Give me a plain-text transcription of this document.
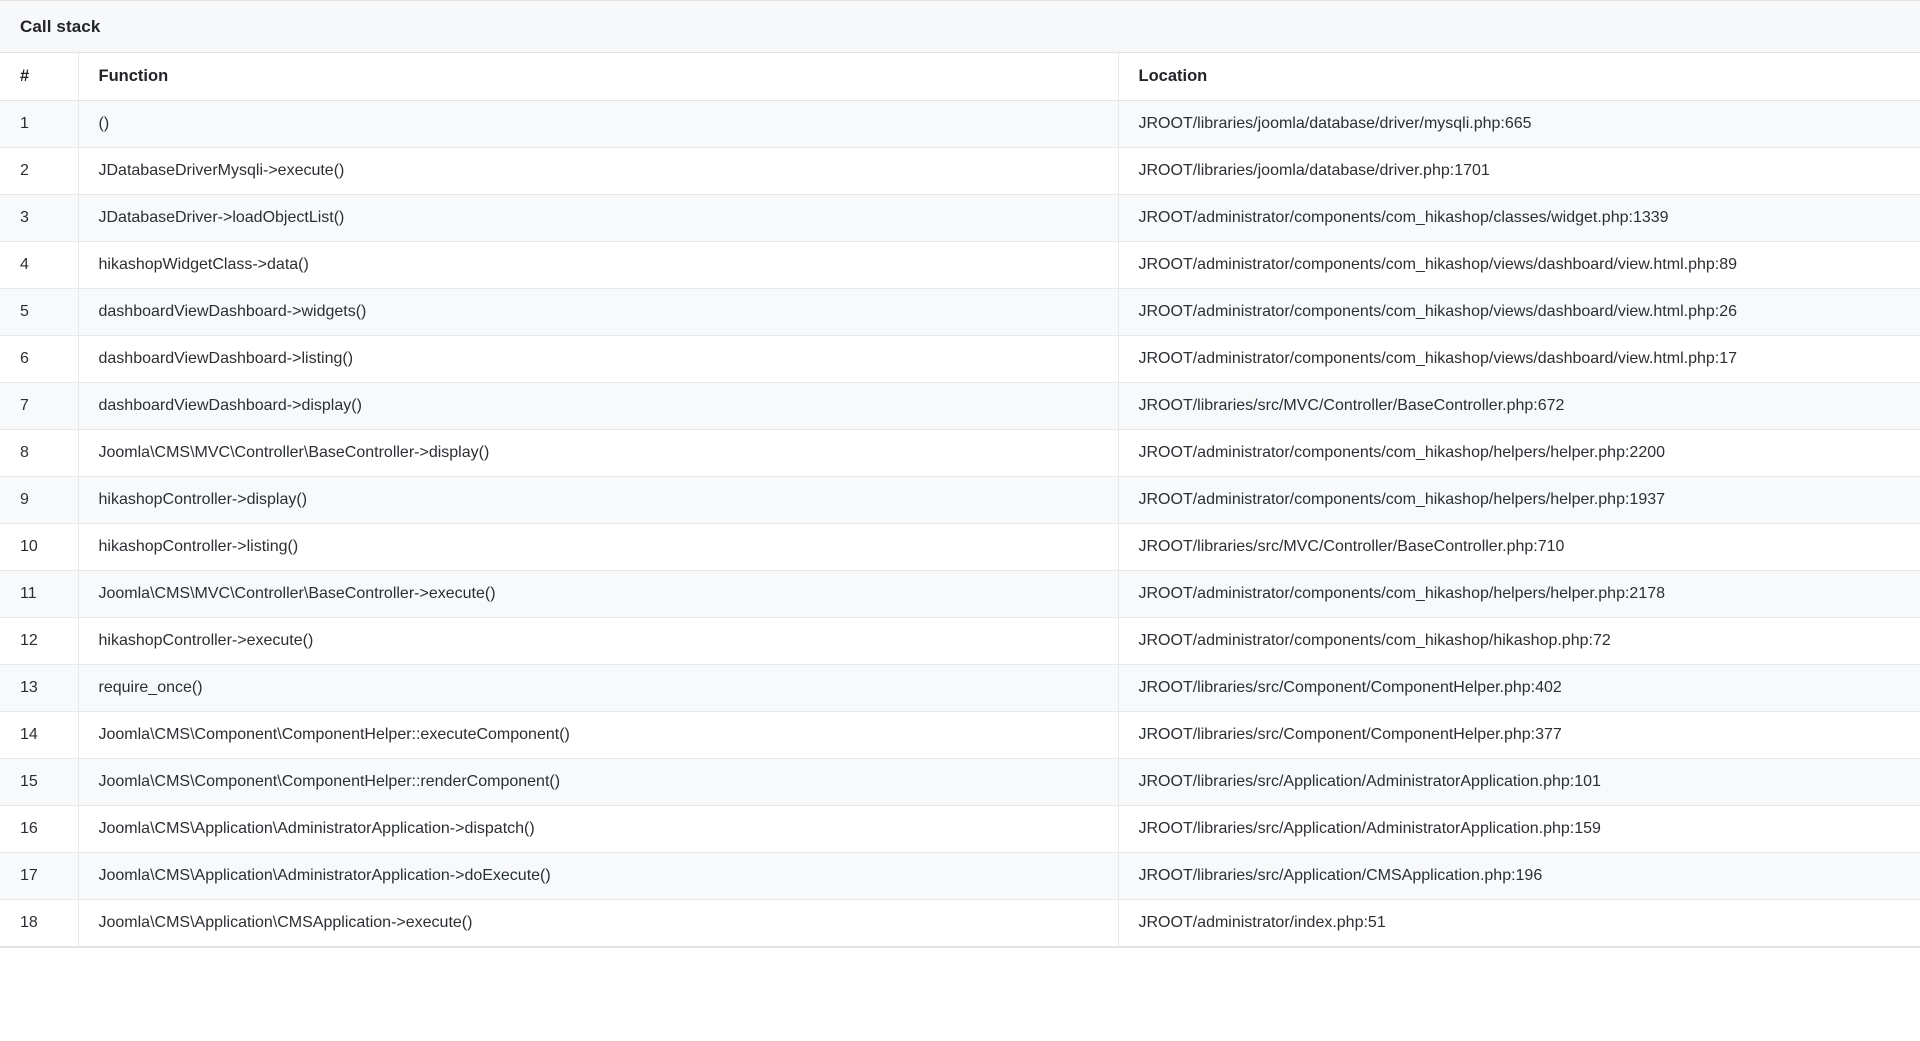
Call stack
#	Function	Location
1	()	JROOT/libraries/joomla/database/driver/mysqli.php:665
2	JDatabaseDriverMysqli->execute()	JROOT/libraries/joomla/database/driver.php:1701
3	JDatabaseDriver->loadObjectList()	JROOT/administrator/components/com_hikashop/classes/widget.php:1339
4	hikashopWidgetClass->data()	JROOT/administrator/components/com_hikashop/views/dashboard/view.html.php:89
5	dashboardViewDashboard->widgets()	JROOT/administrator/components/com_hikashop/views/dashboard/view.html.php:26
6	dashboardViewDashboard->listing()	JROOT/administrator/components/com_hikashop/views/dashboard/view.html.php:17
7	dashboardViewDashboard->display()	JROOT/libraries/src/MVC/Controller/BaseController.php:672
8	Joomla\CMS\MVC\Controller\BaseController->display()	JROOT/administrator/components/com_hikashop/helpers/helper.php:2200
9	hikashopController->display()	JROOT/administrator/components/com_hikashop/helpers/helper.php:1937
10	hikashopController->listing()	JROOT/libraries/src/MVC/Controller/BaseController.php:710
11	Joomla\CMS\MVC\Controller\BaseController->execute()	JROOT/administrator/components/com_hikashop/helpers/helper.php:2178
12	hikashopController->execute()	JROOT/administrator/components/com_hikashop/hikashop.php:72
13	require_once()	JROOT/libraries/src/Component/ComponentHelper.php:402
14	Joomla\CMS\Component\ComponentHelper::executeComponent()	JROOT/libraries/src/Component/ComponentHelper.php:377
15	Joomla\CMS\Component\ComponentHelper::renderComponent()	JROOT/libraries/src/Application/AdministratorApplication.php:101
16	Joomla\CMS\Application\AdministratorApplication->dispatch()	JROOT/libraries/src/Application/AdministratorApplication.php:159
17	Joomla\CMS\Application\AdministratorApplication->doExecute()	JROOT/libraries/src/Application/CMSApplication.php:196
18	Joomla\CMS\Application\CMSApplication->execute()	JROOT/administrator/index.php:51
